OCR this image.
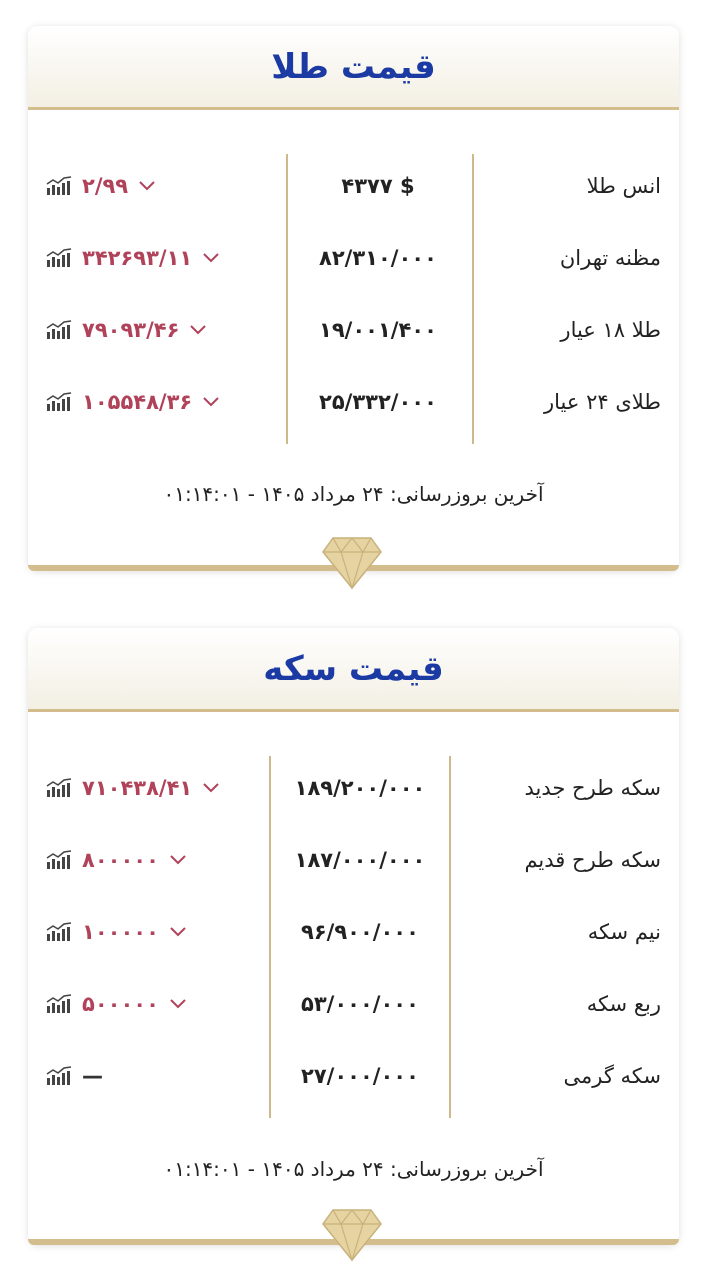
قیمت طلا
انس طلا
۴۳۷۷ $
۲/۹۹
مظنه تهران
۸۲/۳۱۰/۰۰۰
۳۴۲۶۹۳/۱۱
طلا ۱۸ عیار
۱۹/۰۰۱/۴۰۰
۷۹۰۹۳/۴۶
طلای ۲۴ عیار
۲۵/۳۳۲/۰۰۰
۱۰۵۵۴۸/۳۶
آخرین بروزرسانی: ۲۴ مرداد ۱۴۰۵ - ۰۱:۱۴:۰۱
قیمت سکه
سکه طرح جدید
۱۸۹/۲۰۰/۰۰۰
۷۱۰۴۳۸/۴۱
سکه طرح قدیم
۱۸۷/۰۰۰/۰۰۰
۸۰۰۰۰۰
نیم سکه
۹۶/۹۰۰/۰۰۰
۱۰۰۰۰۰
ربع سکه
۵۳/۰۰۰/۰۰۰
۵۰۰۰۰۰
سکه گرمی
۲۷/۰۰۰/۰۰۰
—
آخرین بروزرسانی: ۲۴ مرداد ۱۴۰۵ - ۰۱:۱۴:۰۱
